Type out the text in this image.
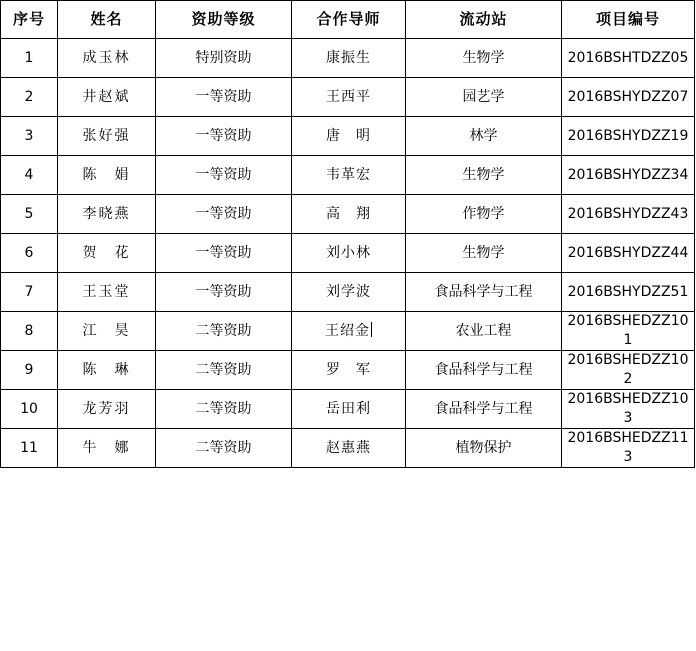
序号	姓名	资助等级	合作导师	流动站	项目编号
1	成玉林	特别资助	康振生	生物学	2016BSHTDZZ05
2	井赵斌	一等资助	王西平	园艺学	2016BSHYDZZ07
3	张好强	一等资助	唐　明	林学	2016BSHYDZZ19
4	陈　娟	一等资助	韦革宏	生物学	2016BSHYDZZ34
5	李晓燕	一等资助	高　翔	作物学	2016BSHYDZZ43
6	贺　花	一等资助	刘小林	生物学	2016BSHYDZZ44
7	王玉堂	一等资助	刘学波	食品科学与工程	2016BSHYDZZ51
8	江　昊	二等资助	王绍金	农业工程	2016BSHEDZZ101
9	陈　琳	二等资助	罗　军	食品科学与工程	2016BSHEDZZ102
10	龙芳羽	二等资助	岳田利	食品科学与工程	2016BSHEDZZ103
11	牛　娜	二等资助	赵惠燕	植物保护	2016BSHEDZZ113
